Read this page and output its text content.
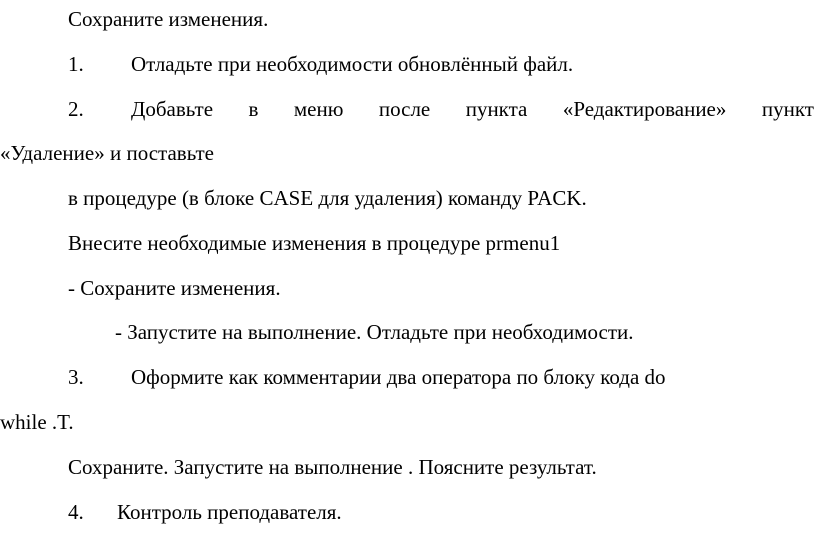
Сохраните изменения.
1. Отладьте при необходимости обновлённый файл.
2. Добавьте в меню после пункта «Редактирование» пункт
«Удаление» и поставьте
в процедуре (в блоке CASE для удаления) команду PACK.
Внесите необходимые изменения в процедуре prmenu1
- Сохраните изменения.
- Запустите на выполнение. Отладьте при необходимости.
3. Оформите как комментарии два оператора по блоку кода do
while .T.
Сохраните. Запустите на выполнение . Поясните результат.
4. Контроль преподавателя.
